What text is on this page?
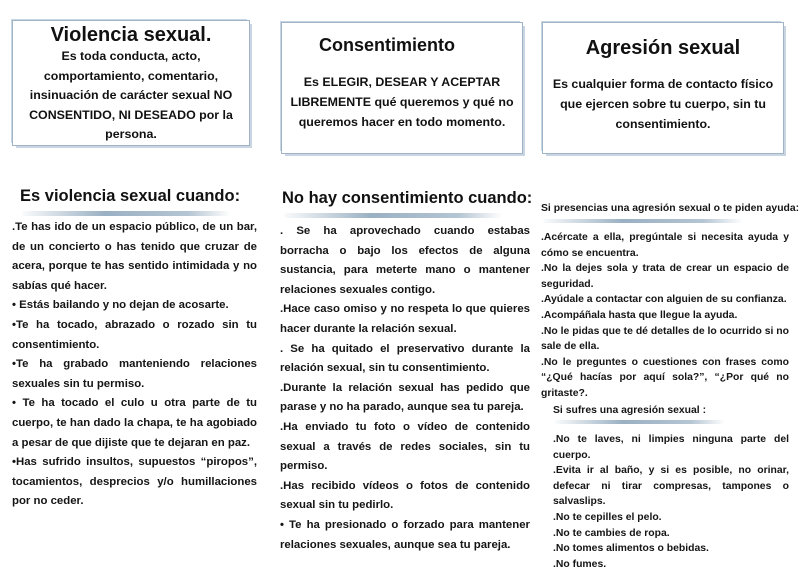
Violencia sexual.
Es toda conducta, acto, comportamiento, comentario, insinuación de carácter sexual NO CONSENTIDO, NI DESEADO por la persona.
Consentimiento
Es ELEGIR, DESEAR Y ACEPTAR LIBREMENTE qué queremos y qué no queremos hacer en todo momento.
Agresión sexual
Es cualquier forma de contacto físico que ejercen sobre tu cuerpo, sin tu consentimiento.
Es violencia sexual cuando:

.Te has ido de un espacio público, de un bar, de un concierto o has tenido que cruzar de acera, porque te has sentido intimidada y no sabías qué hacer.

• Estás bailando y no dejan de acosarte.

•Te ha tocado, abrazado o rozado sin tu consentimiento.

•Te ha grabado manteniendo relaciones sexuales sin tu permiso.

• Te ha tocado el culo u otra parte de tu cuerpo, te han dado la chapa, te ha agobiado a pesar de que dijiste que te dejaran en paz.

•Has sufrido insultos, supuestos “piropos”, tocamientos, desprecios y/o humillaciones por no ceder.

No hay consentimiento cuando:

. Se ha aprovechado cuando estabas borracha o bajo los efectos de alguna sustancia, para meterte mano o mantener relaciones sexuales contigo.

.Hace caso omiso y no respeta lo que quieres hacer durante la relación sexual.

. Se ha quitado el preservativo durante la relación sexual, sin tu consentimiento.

.Durante la relación sexual has pedido que parase y no ha parado, aunque sea tu pareja.

.Ha enviado tu foto o vídeo de contenido sexual a través de redes sociales, sin tu permiso.

.Has recibido vídeos o fotos de contenido sexual sin tu pedirlo.

• Te ha presionado o forzado para mantener relaciones sexuales, aunque sea tu pareja.

Si presencias una agresión sexual o te piden ayuda:

.Acércate a ella, pregúntale si necesita ayuda y cómo se encuentra.

.No la dejes sola y trata de crear un espacio de seguridad.

.Ayúdale a contactar con alguien de su confianza.

.Acompáñala hasta que llegue la ayuda.

.No le pidas que te dé detalles de lo ocurrido si no sale de ella.

.No le preguntes o cuestiones con frases como “¿Qué hacías por aquí sola?”, “¿Por qué no gritaste?.

Si sufres una agresión sexual :

.No te laves, ni limpies ninguna parte del cuerpo.

.Evita ir al baño, y si es posible, no orinar, defecar ni tirar compresas, tampones o salvaslips.

.No te cepilles el pelo.

.No te cambies de ropa.

.No tomes alimentos o bebidas.

.No fumes.
